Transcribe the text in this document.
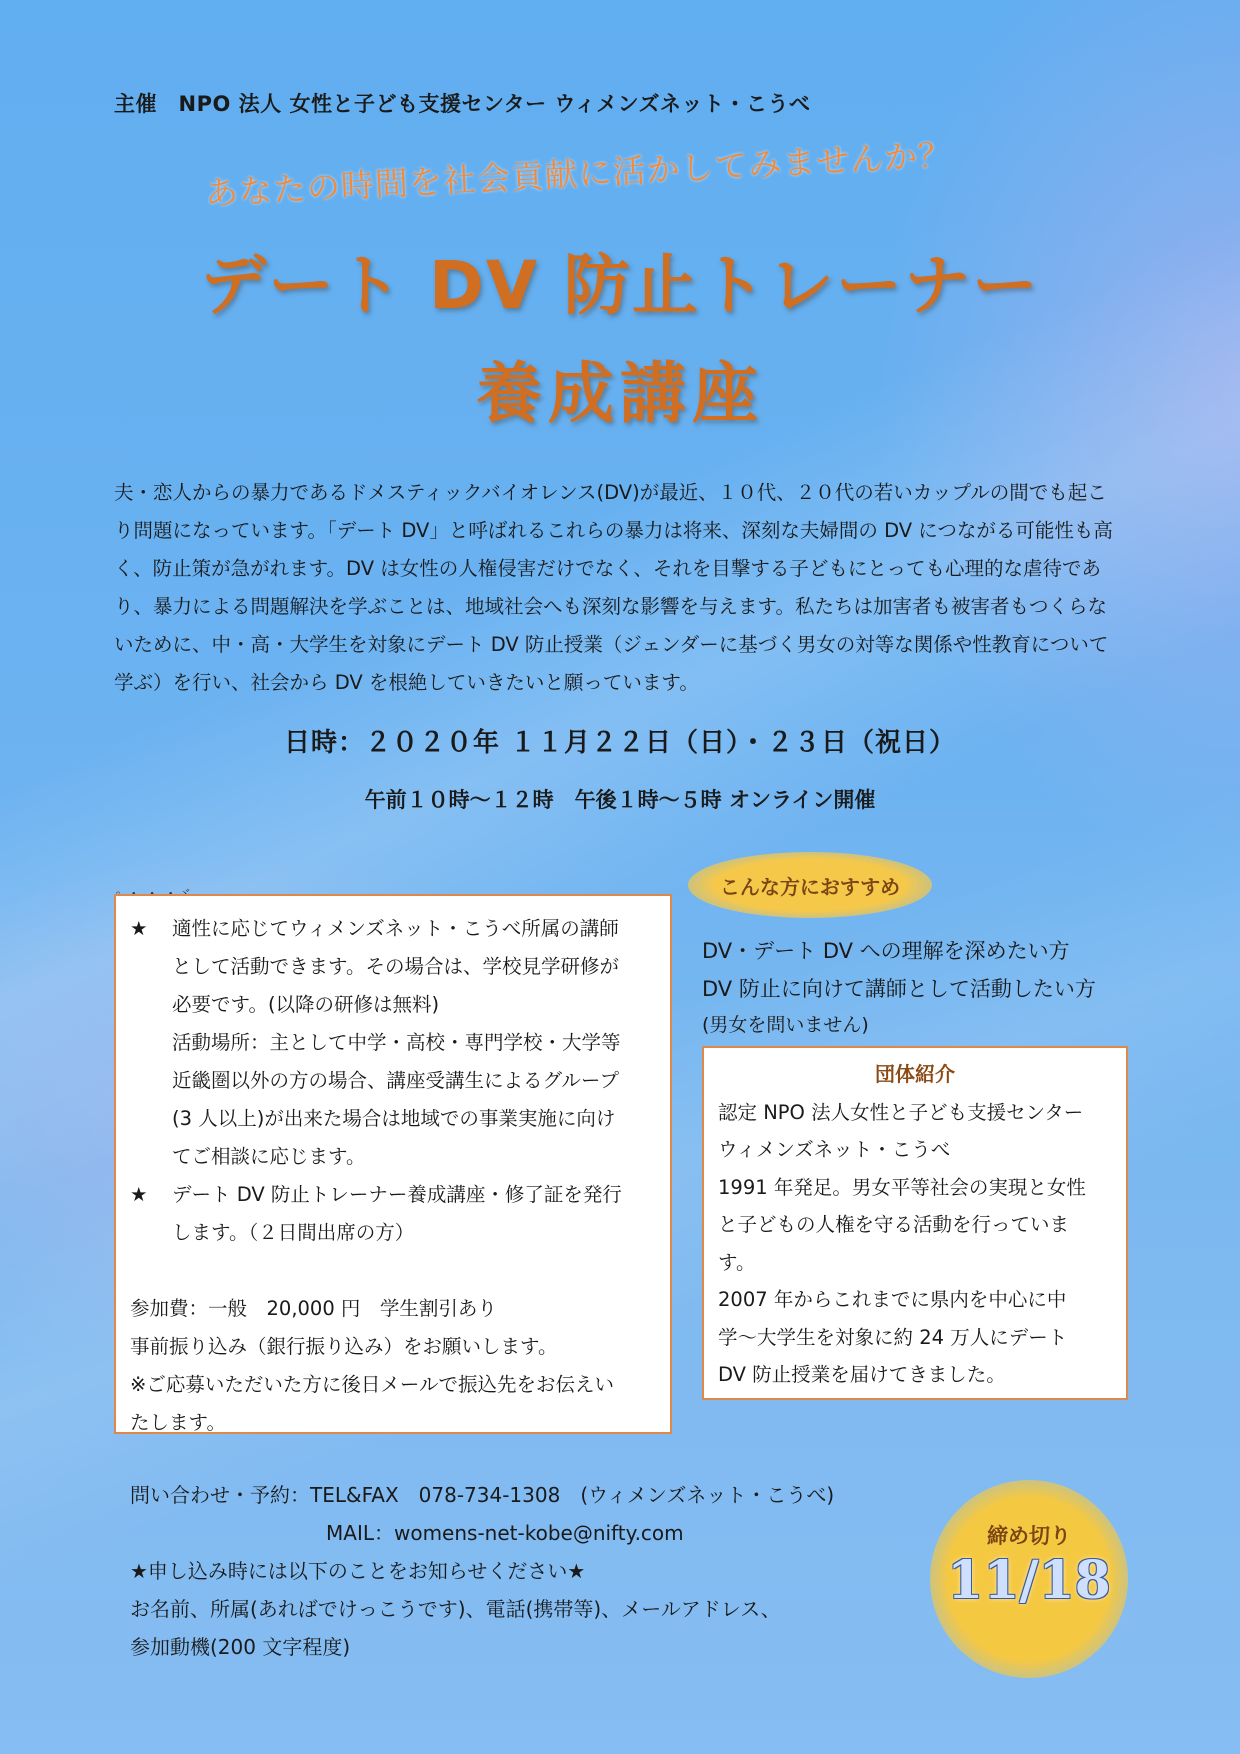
主催　NPO 法人 女性と子ども支援センター ウィメンズネット・こうべ
あなたの時間を社会貢献に活かしてみませんか？
デート DV 防止トレーナー
養成講座
夫・恋人からの暴力であるドメスティックバイオレンス(DV)が最近、１０代、２０代の若いカップルの間でも起こ
り問題になっています。「デート DV」と呼ばれるこれらの暴力は将来、深刻な夫婦間の DV につながる可能性も高
く、防止策が急がれます。DV は女性の人権侵害だけでなく、それを目撃する子どもにとっても心理的な虐待であ
り、暴力による問題解決を学ぶことは、地域社会へも深刻な影響を与えます。私たちは加害者も被害者もつくらな
いために、中・高・大学生を対象にデート DV 防止授業（ジェンダーに基づく男女の対等な関係や性教育について
学ぶ）を行い、社会から DV を根絶していきたいと願っています。
日時：２０２０年 １１月２２日（日）・２３日（祝日）
午前１０時～１２時　午後１時～５時 オンライン開催
★	適性に応じてウィメンズネット・こうべ所属の講師
として活動できます。その場合は、学校見学研修が
必要です。(以降の研修は無料)
活動場所：主として中学・高校・専門学校・大学等
近畿圏以外の方の場合、講座受講生によるグループ
(3 人以上)が出来た場合は地域での事業実施に向け
てご相談に応じます。
★	デート DV 防止トレーナー養成講座・修了証を発行
します。（２日間出席の方）
参加費：一般　20,000 円　学生割引あり
事前振り込み（銀行振り込み）をお願いします。
※ご応募いただいた方に後日メールで振込先をお伝えい
たします。
こんな方におすすめ
DV・デート DV への理解を深めたい方
DV 防止に向けて講師として活動したい方
(男女を問いません)
団体紹介
認定 NPO 法人女性と子ども支援センター
ウィメンズネット・こうべ
1991 年発足。男女平等社会の実現と女性
と子どもの人権を守る活動を行っていま
す。
2007 年からこれまでに県内を中心に中
学～大学生を対象に約 24 万人にデート
DV 防止授業を届けてきました。
問い合わせ・予約：TEL&FAX　078-734-1308　(ウィメンズネット・こうべ)
MAIL：womens-net-kobe@nifty.com
★申し込み時には以下のことをお知らせください★
お名前、所属(あればでけっこうです)、電話(携帯等)、メールアドレス、
参加動機(200 文字程度)
締め切り
11/18
